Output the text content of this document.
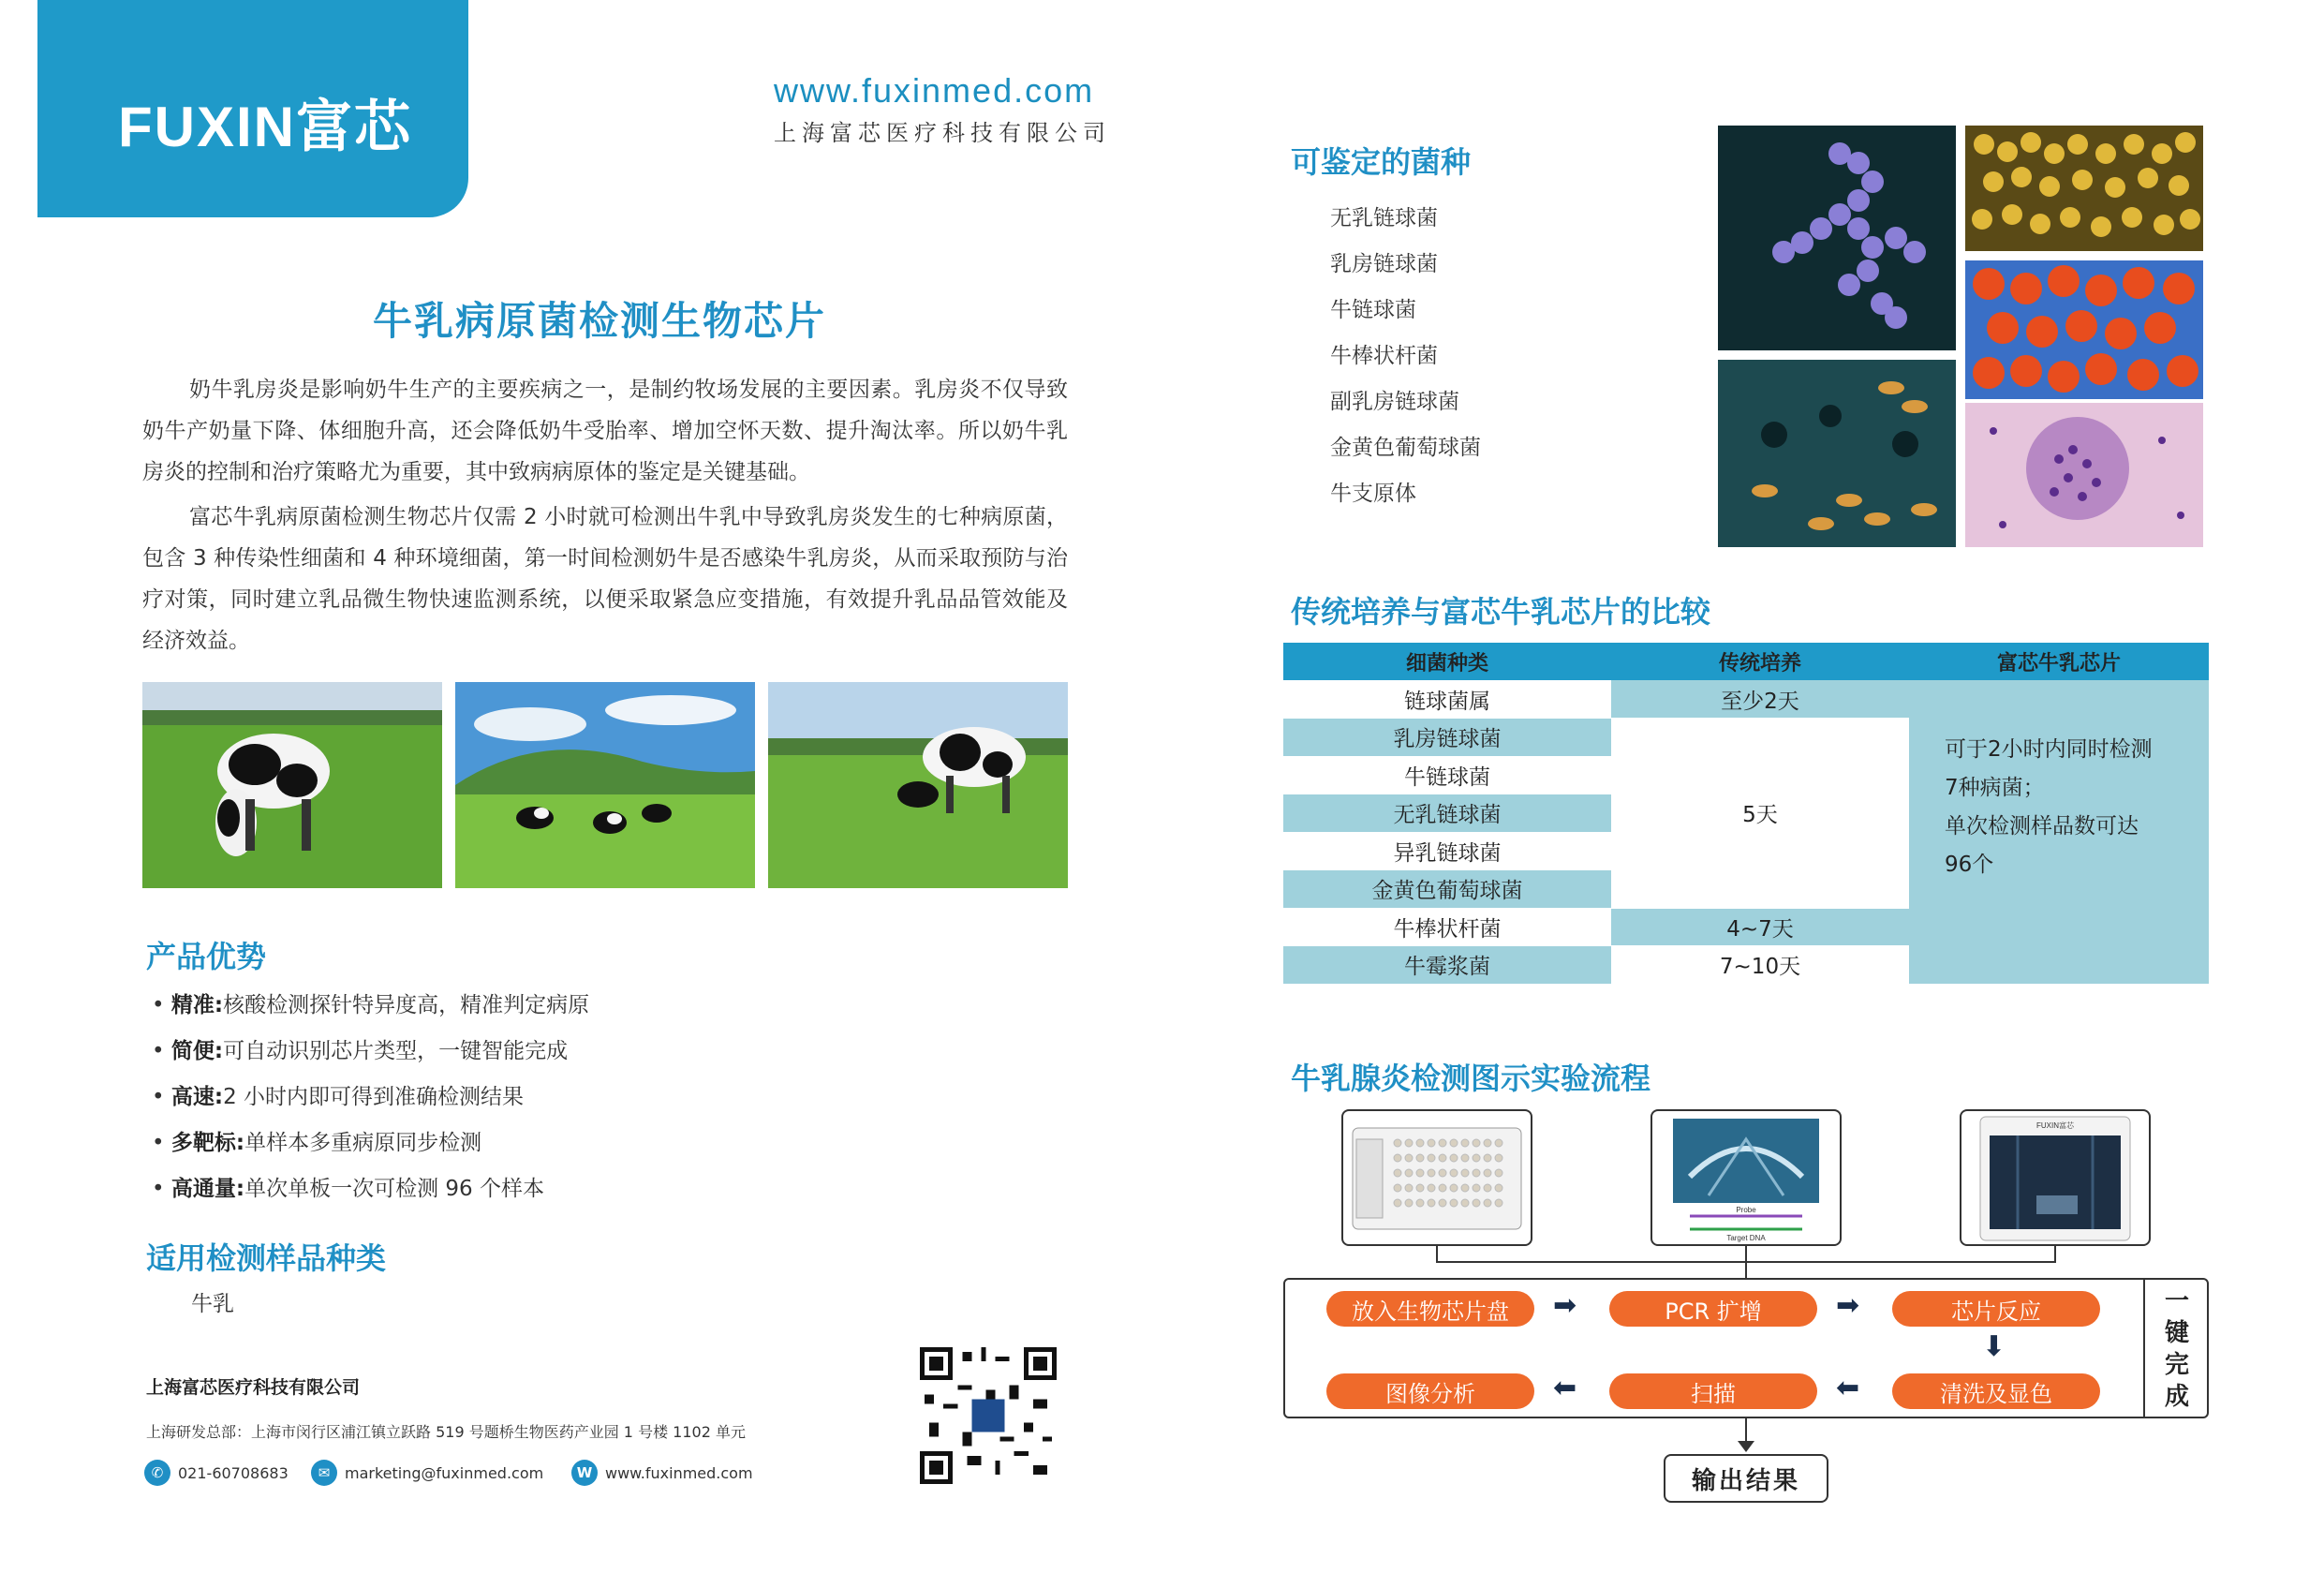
FUXIN富芯
www.fuxinmed.com
上海富芯医疗科技有限公司
牛乳病原菌检测生物芯片

奶牛乳房炎是影响奶牛生产的主要疾病之一，是制约牧场发展的主要因素。乳房炎不仅导致奶牛产奶量下降、体细胞升高，还会降低奶牛受胎率、增加空怀天数、提升淘汰率。所以奶牛乳房炎的控制和治疗策略尤为重要，其中致病病原体的鉴定是关键基础。

富芯牛乳病原菌检测生物芯片仅需 2 小时就可检测出牛乳中导致乳房炎发生的七种病原菌，包含 3 种传染性细菌和 4 种环境细菌，第一时间检测奶牛是否感染牛乳房炎，从而采取预防与治疗对策，同时建立乳品微生物快速监测系统，以便采取紧急应变措施，有效提升乳品品管效能及经济效益。

产品优势
• 精准:核酸检测探针特异度高，精准判定病原
• 简便:可自动识别芯片类型，一键智能完成
• 高速:2 小时内即可得到准确检测结果
• 多靶标:单样本多重病原同步检测
• 高通量:单次单板一次可检测 96 个样本
适用检测样品种类
牛乳
上海富芯医疗科技有限公司
上海研发总部：上海市闵行区浦江镇立跃路 519 号题桥生物医药产业园 1 号楼 1102 单元
✆ 021-60708683	✉ marketing@fuxinmed.com	W www.fuxinmed.com
可鉴定的菌种
无乳链球菌
乳房链球菌
牛链球菌
牛棒状杆菌
副乳房链球菌
金黄色葡萄球菌
牛支原体
传统培养与富芯牛乳芯片的比较
细菌种类	传统培养	富芯牛乳芯片
链球菌属	至少2天	可于2小时内同时检测
7种病菌；
单次检测样品数可达
96个

乳房链球菌	5天	
牛链球菌		
无乳链球菌		
异乳链球菌		
金黄色葡萄球菌		
牛棒状杆菌	4~7天	
牛霉浆菌	7~10天	
牛乳腺炎检测图示实验流程
Probe
Target DNA
FUXIN富芯
一键完成
放入生物芯片盘	PCR 扩增	芯片反应
清洗及显色
扫描
图像分析
➡	➡
⬇
⬅
⬅
输出结果
